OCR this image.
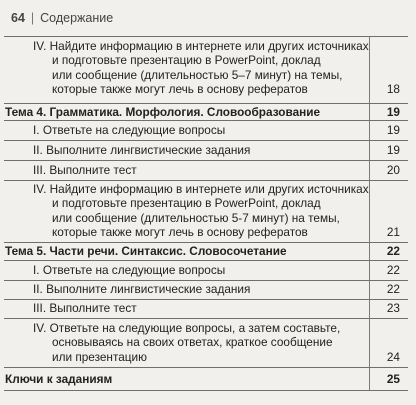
64 | Содержание
IV. Найдите информацию в интернете или других источниках
и подготовьте презентацию в PowerPoint, доклад
или сообщение (длительностью 5–7 минут) на темы,
которые также могут лечь в основу рефератов	18
Тема 4. Грамматика. Морфология. Словообразование	19
I. Ответьте на следующие вопросы	19
II. Выполните лингвистические задания	19
III. Выполните тест	20
IV. Найдите информацию в интернете или других источниках
и подготовьте презентацию в PowerPoint, доклад
или сообщение (длительностью 5-7 минут) на темы,
которые также могут лечь в основу рефератов	21
Тема 5. Части речи. Синтаксис. Словосочетание	22
I. Ответьте на следующие вопросы	22
II. Выполните лингвистические задания	22
III. Выполните тест	23
IV. Ответьте на следующие вопросы, а затем составьте,
основываясь на своих ответах, краткое сообщение
или презентацию	24
Ключи к заданиям	25
